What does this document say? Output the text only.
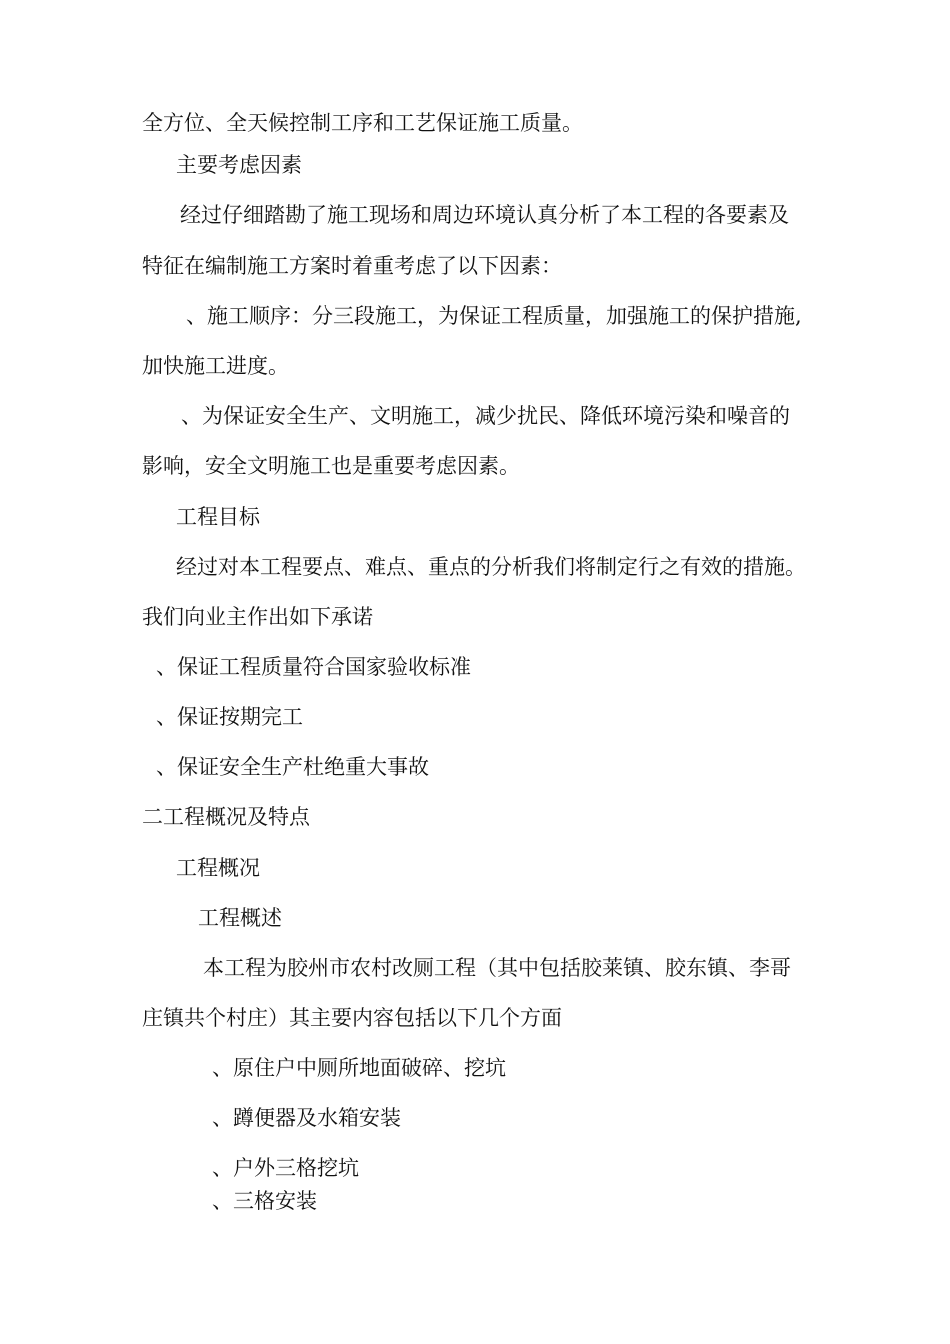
全方位、全天候控制工序和工艺保证施工质量。
主要考虑因素
经过仔细踏勘了施工现场和周边环境认真分析了本工程的各要素及
特征在编制施工方案时着重考虑了以下因素：
、施工顺序：分三段施工，为保证工程质量，加强施工的保护措施,
加快施工进度。
、为保证安全生产、文明施工，减少扰民、降低环境污染和噪音的
影响，安全文明施工也是重要考虑因素。
工程目标
经过对本工程要点、难点、重点的分析我们将制定行之有效的措施。
我们向业主作出如下承诺
、保证工程质量符合国家验收标准
、保证按期完工
、保证安全生产杜绝重大事故
二工程概况及特点
工程概况
工程概述
本工程为胶州市农村改厕工程（其中包括胶莱镇、胶东镇、李哥
庄镇共个村庄）其主要内容包括以下几个方面
、原住户中厕所地面破碎、挖坑
、蹲便器及水箱安装
、户外三格挖坑
、三格安装
